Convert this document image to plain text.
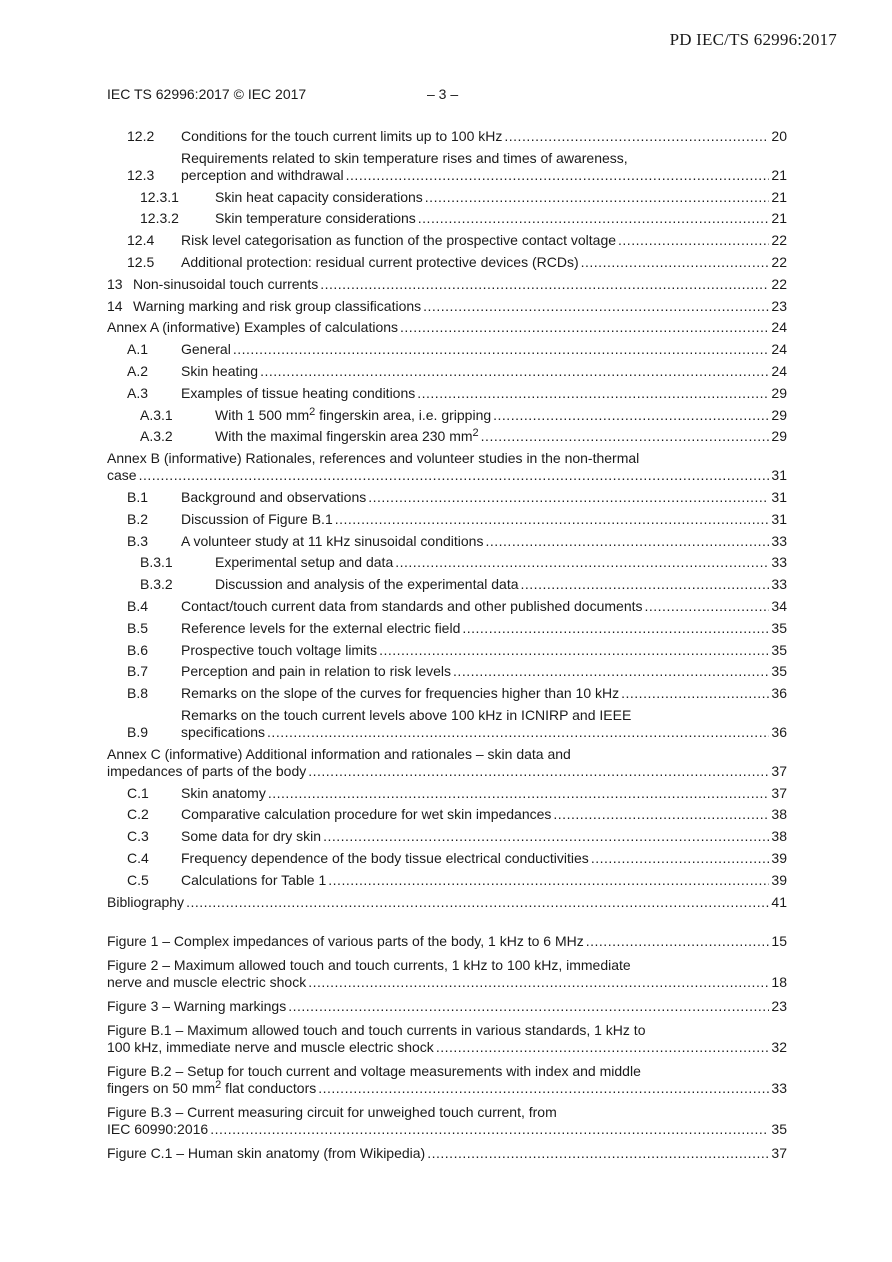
PD IEC/TS 62996:2017
IEC TS 62996:2017 © IEC 2017	– 3 –
12.2	Conditions for the touch current limits up to 100 kHz .....	20
12.3
Requirements related to skin temperature rises and times of awareness,
perception and withdrawal .....	21
12.3.1	Skin heat capacity considerations .....	21
12.3.2	Skin temperature considerations .....	21
12.4	Risk level categorisation as function of the prospective contact voltage .....	22
12.5	Additional protection: residual current protective devices (RCDs) .....	22
13 Non-sinusoidal touch currents .....	22
14 Warning marking and risk group classifications .....	23
Annex A (informative) Examples of calculations .....	24
A.1	General .....	24
A.2	Skin heating .....	24
A.3	Examples of tissue heating conditions .....	29
A.3.1	With 1 500 $mm^2$ fingerskin area, i.e. gripping .....	29
A.3.2	With the maximal fingerskin area 230 $mm^2$ .....	29
Annex B (informative) Rationales, references and volunteer studies in the non-thermal
case .....	31
B.1	Background and observations .....	31
B.2	Discussion of Figure B.1 .....	31
B.3	A volunteer study at 11 kHz sinusoidal conditions .....	33
B.3.1	Experimental setup and data .....	33
B.3.2	Discussion and analysis of the experimental data .....	33
B.4	Contact/touch current data from standards and other published documents .....	34
B.5	Reference levels for the external electric field .....	35
B.6	Prospective touch voltage limits .....	35
B.7	Perception and pain in relation to risk levels .....	35
B.8	Remarks on the slope of the curves for frequencies higher than 10 kHz .....	36
B.9
Remarks on the touch current levels above 100 kHz in ICNIRP and IEEE
specifications .....	36
Annex C (informative) Additional information and rationales – skin data and
impedances of parts of the body .....	37
C.1	Skin anatomy .....	37
C.2	Comparative calculation procedure for wet skin impedances .....	38
C.3	Some data for dry skin .....	38
C.4	Frequency dependence of the body tissue electrical conductivities .....	39
C.5	Calculations for Table 1 .....	39
Bibliography .....	41
Figure 1 – Complex impedances of various parts of the body, 1 kHz to 6 MHz .....	15
Figure 2 – Maximum allowed touch and touch currents, 1 kHz to 100 kHz, immediate
nerve and muscle electric shock .....	18
Figure 3 – Warning markings .....	23
Figure B.1 – Maximum allowed touch and touch currents in various standards, 1 kHz to
100 kHz, immediate nerve and muscle electric shock .....	32
Figure B.2 – Setup for touch current and voltage measurements with index and middle
fingers on 50 $mm^2$ flat conductors .....	33
Figure B.3 – Current measuring circuit for unweighed touch current, from
IEC 60990:2016 .....	35
Figure C.1 – Human skin anatomy (from Wikipedia) .....	37
